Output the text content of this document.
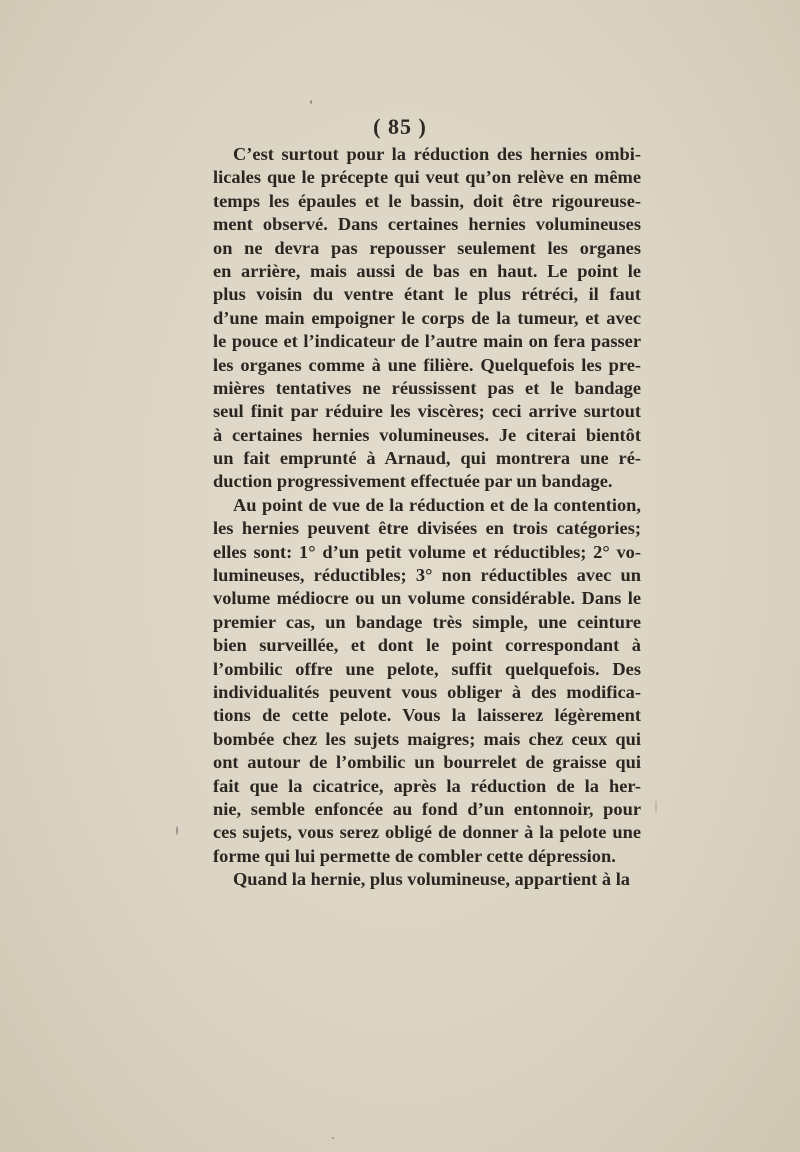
( 85 )
C’est surtout pour la réduction des hernies ombi-
licales que le précepte qui veut qu’on relève en même
temps les épaules et le bassin, doit être rigoureuse-
ment observé. Dans certaines hernies volumineuses
on ne devra pas repousser seulement les organes
en arrière, mais aussi de bas en haut. Le point le
plus voisin du ventre étant le plus rétréci, il faut
d’une main empoigner le corps de la tumeur, et avec
le pouce et l’indicateur de l’autre main on fera passer
les organes comme à une filière. Quelquefois les pre-
mières tentatives ne réussissent pas et le bandage
seul finit par réduire les viscères; ceci arrive surtout
à certaines hernies volumineuses. Je citerai bientôt
un fait emprunté à Arnaud, qui montrera une ré-
duction progressivement effectuée par un bandage.
Au point de vue de la réduction et de la contention,
les hernies peuvent être divisées en trois catégories;
elles sont: 1° d’un petit volume et réductibles; 2° vo-
lumineuses, réductibles; 3° non réductibles avec un
volume médiocre ou un volume considérable. Dans le
premier cas, un bandage très simple, une ceinture
bien surveillée, et dont le point correspondant à
l’ombilic offre une pelote, suffit quelquefois. Des
individualités peuvent vous obliger à des modifica-
tions de cette pelote. Vous la laisserez légèrement
bombée chez les sujets maigres; mais chez ceux qui
ont autour de l’ombilic un bourrelet de graisse qui
fait que la cicatrice, après la réduction de la her-
nie, semble enfoncée au fond d’un entonnoir, pour
ces sujets, vous serez obligé de donner à la pelote une
forme qui lui permette de combler cette dépression.
Quand la hernie, plus volumineuse, appartient à la
